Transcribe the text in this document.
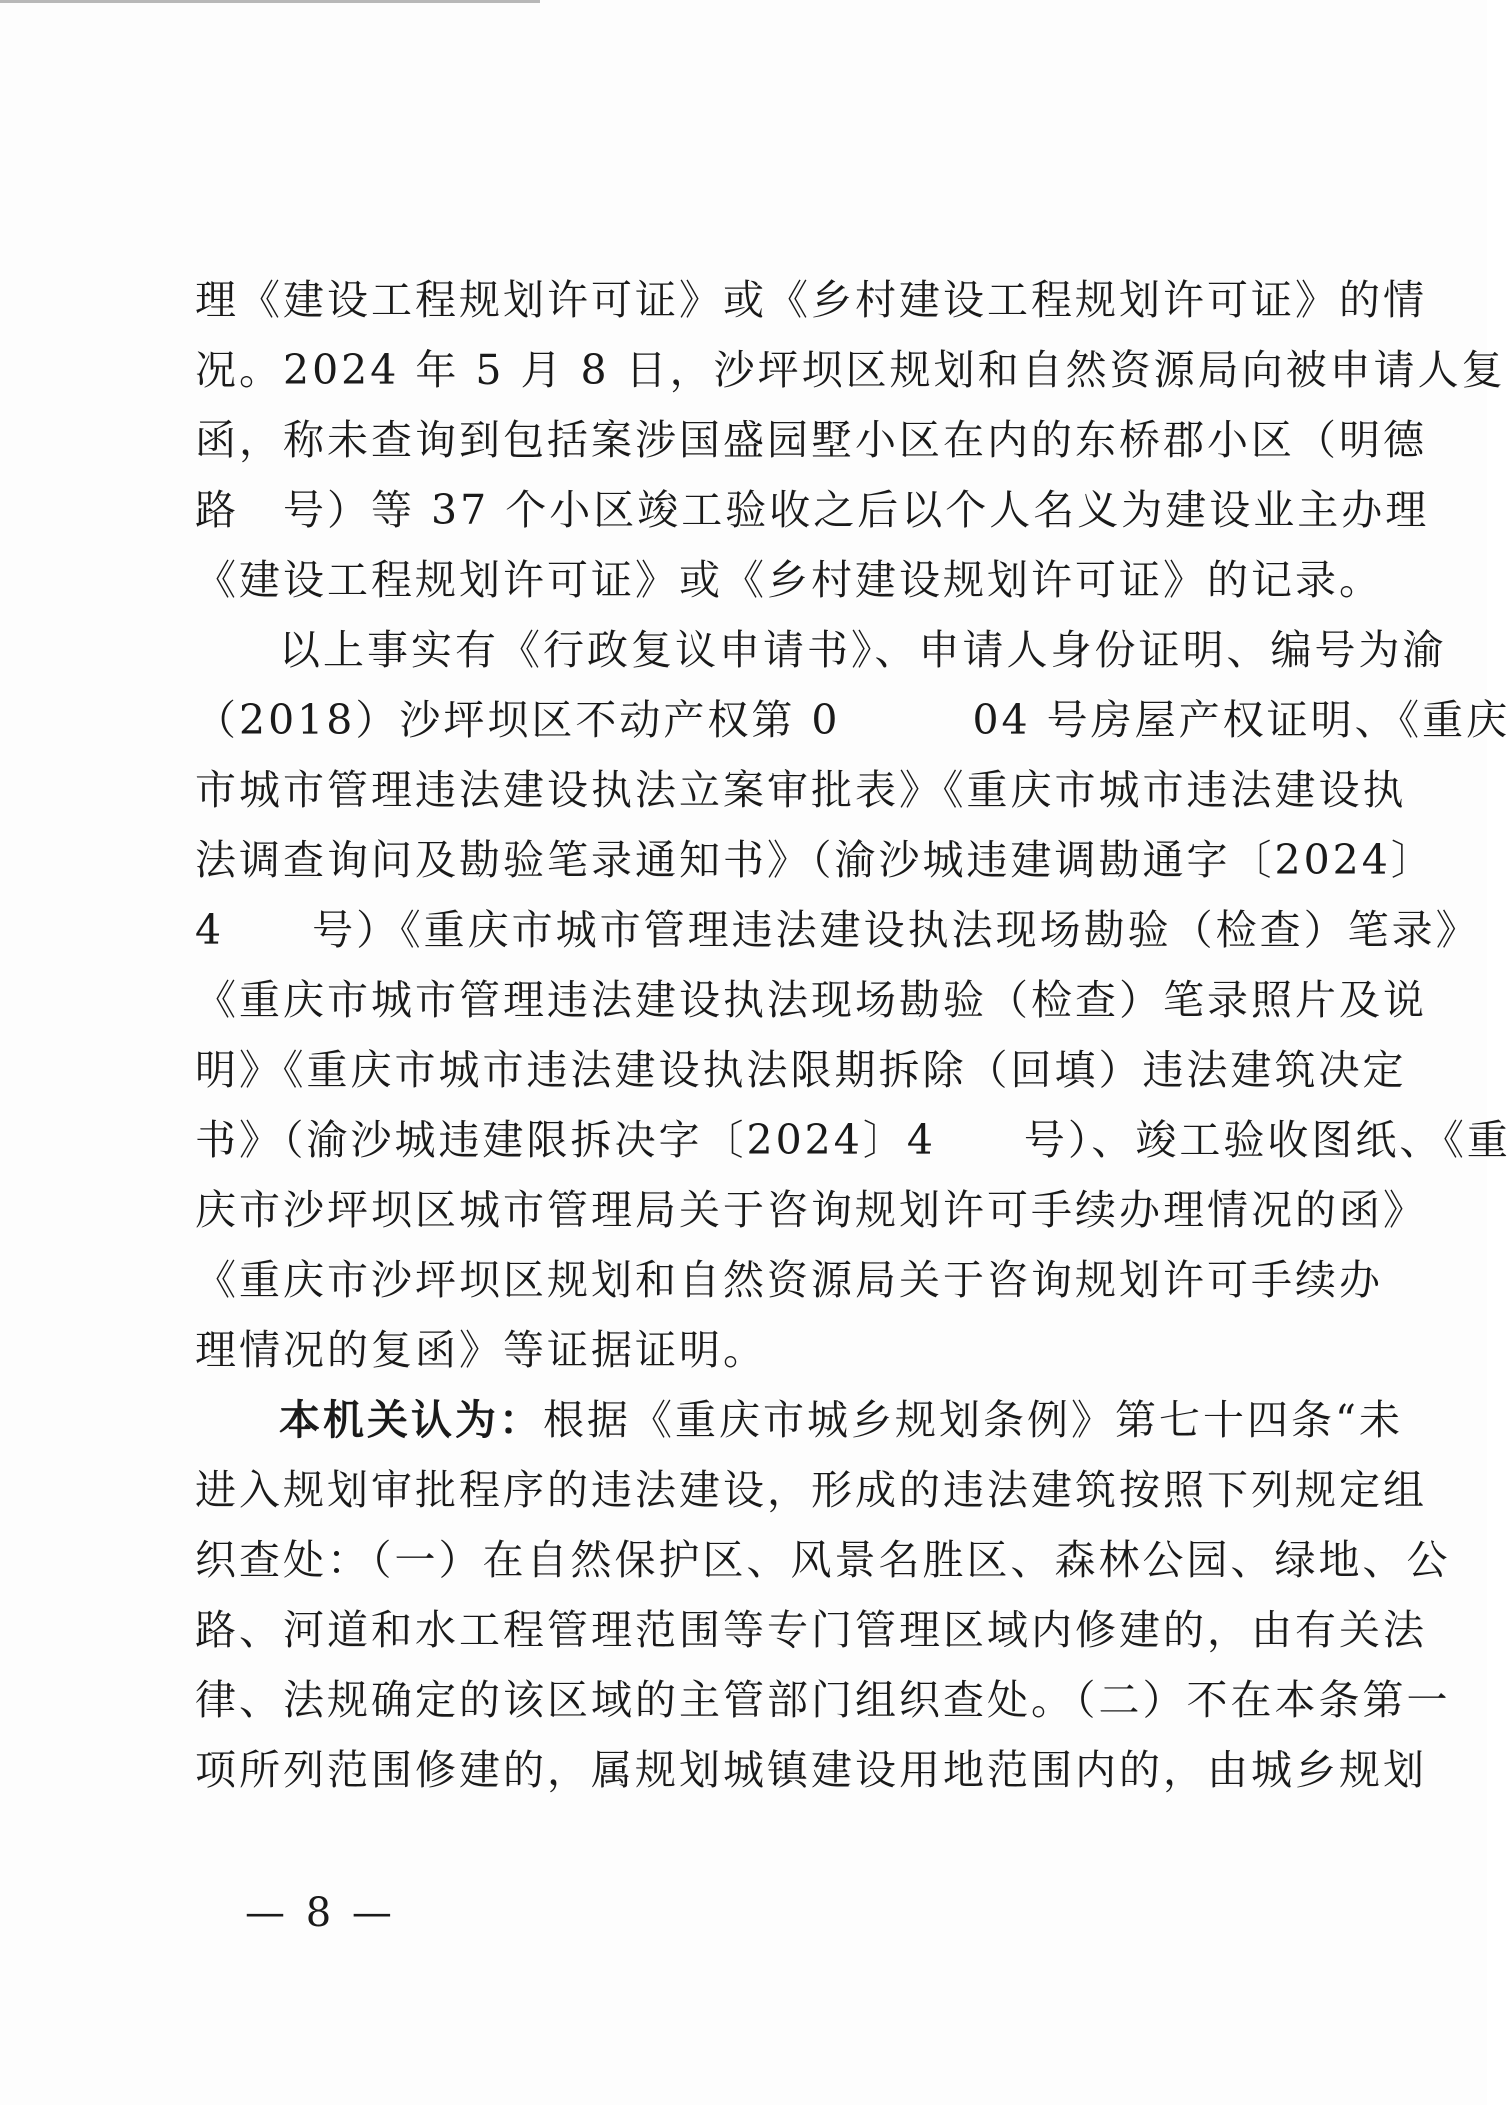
理《建设工程规划许可证》或《乡村建设工程规划许可证》的情
况。2024 年 5 月 8 日，沙坪坝区规划和自然资源局向被申请人复
函，称未查询到包括案涉国盛园墅小区在内的东桥郡小区（明德
路　号）等 37 个小区竣工验收之后以个人名义为建设业主办理
《建设工程规划许可证》或《乡村建设规划许可证》的记录。
以上事实有《行政复议申请书》、申请人身份证明、编号为渝
（2018）沙坪坝区不动产权第 0　　　04 号房屋产权证明、《重庆
市城市管理违法建设执法立案审批表》《重庆市城市违法建设执
法调查询问及勘验笔录通知书》（渝沙城违建调勘通字〔2024〕
4　　号）《重庆市城市管理违法建设执法现场勘验（检查）笔录》
《重庆市城市管理违法建设执法现场勘验（检查）笔录照片及说
明》《重庆市城市违法建设执法限期拆除（回填）违法建筑决定
书》（渝沙城违建限拆决字〔2024〕4　　号）、竣工验收图纸、《重
庆市沙坪坝区城市管理局关于咨询规划许可手续办理情况的函》
《重庆市沙坪坝区规划和自然资源局关于咨询规划许可手续办
理情况的复函》等证据证明。
本机关认为：根据《重庆市城乡规划条例》第七十四条“未
进入规划审批程序的违法建设，形成的违法建筑按照下列规定组
织查处：（一）在自然保护区、风景名胜区、森林公园、绿地、公
路、河道和水工程管理范围等专门管理区域内修建的，由有关法
律、法规确定的该区域的主管部门组织查处。（二）不在本条第一
项所列范围修建的，属规划城镇建设用地范围内的，由城乡规划
— 8 —
